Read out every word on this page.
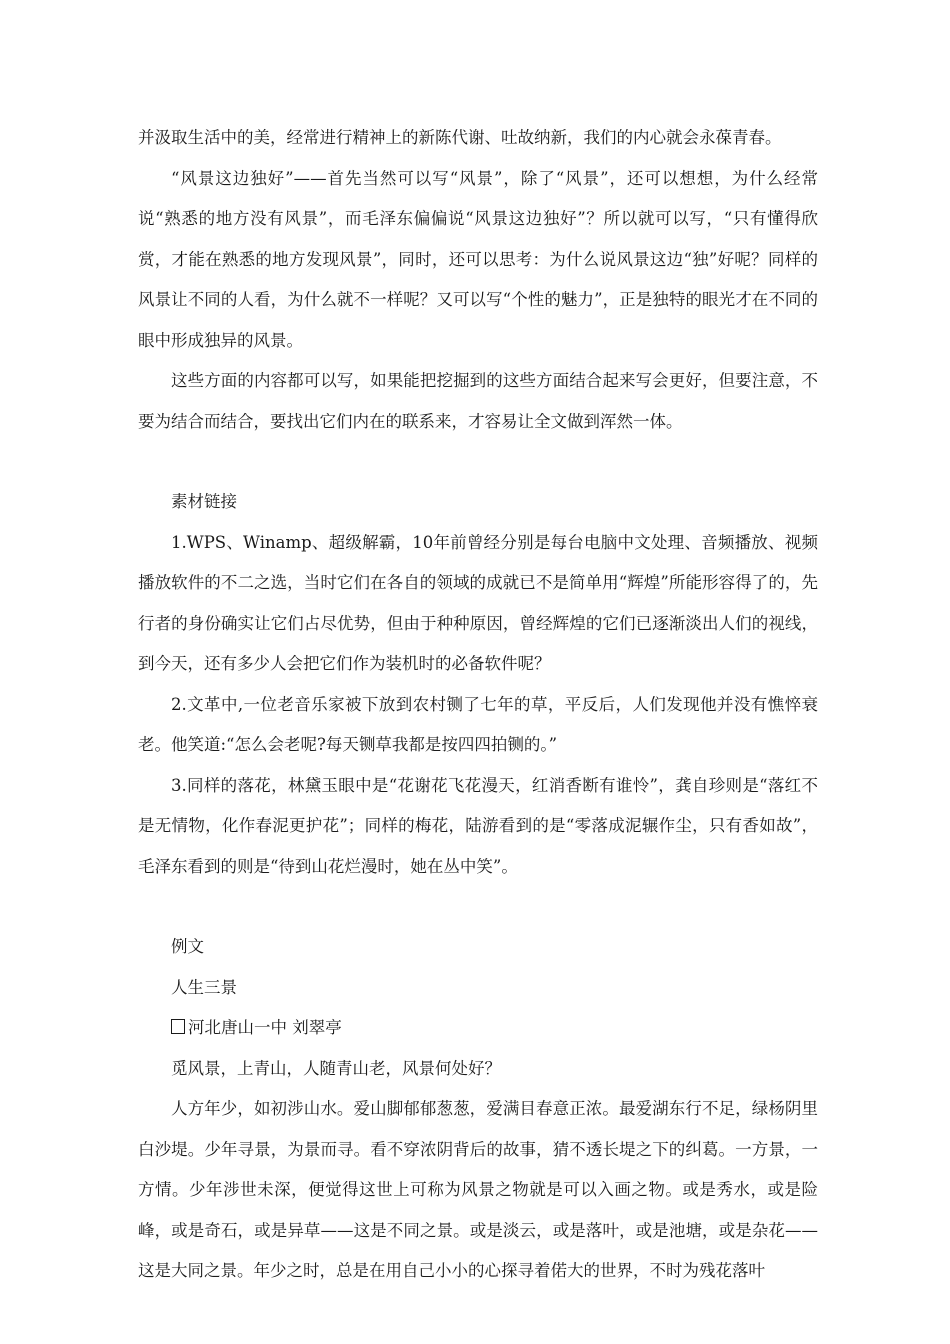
并汲取生活中的美，经常进行精神上的新陈代谢、吐故纳新，我们的内心就会永葆青春。

“风景这边独好”——首先当然可以写“风景”，除了“风景”，还可以想想，为什么经常说“熟悉的地方没有风景”，而毛泽东偏偏说“风景这边独好”？所以就可以写，“只有懂得欣赏，才能在熟悉的地方发现风景”，同时，还可以思考：为什么说风景这边“独”好呢？同样的风景让不同的人看，为什么就不一样呢？又可以写“个性的魅力”，正是独特的眼光才在不同的眼中形成独异的风景。

这些方面的内容都可以写，如果能把挖掘到的这些方面结合起来写会更好，但要注意，不要为结合而结合，要找出它们内在的联系来，才容易让全文做到浑然一体。

素材链接

1.WPS、Winamp、超级解霸，10年前曾经分别是每台电脑中文处理、音频播放、视频播放软件的不二之选，当时它们在各自的领域的成就已不是简单用“辉煌”所能形容得了的，先行者的身份确实让它们占尽优势，但由于种种原因，曾经辉煌的它们已逐渐淡出人们的视线，到今天，还有多少人会把它们作为装机时的必备软件呢？

2.文革中,一位老音乐家被下放到农村铡了七年的草，平反后，人们发现他并没有憔悴衰老。他笑道:“怎么会老呢?每天铡草我都是按四四拍铡的。”

3.同样的落花，林黛玉眼中是“花谢花飞花漫天，红消香断有谁怜”，龚自珍则是“落红不是无情物，化作春泥更护花”；同样的梅花，陆游看到的是“零落成泥辗作尘，只有香如故”，毛泽东看到的则是“待到山花烂漫时，她在丛中笑”。

例文

人生三景

河北唐山一中 刘翠亭

觅风景，上青山，人随青山老，风景何处好？

人方年少，如初涉山水。爱山脚郁郁葱葱，爱满目春意正浓。最爱湖东行不足，绿杨阴里白沙堤。少年寻景，为景而寻。看不穿浓阴背后的故事，猜不透长堤之下的纠葛。一方景，一方情。少年涉世未深，便觉得这世上可称为风景之物就是可以入画之物。或是秀水，或是险峰，或是奇石，或是异草——这是不同之景。或是淡云，或是落叶，或是池塘，或是杂花——这是大同之景。年少之时，总是在用自己小小的心探寻着偌大的世界，不时为残花落叶
